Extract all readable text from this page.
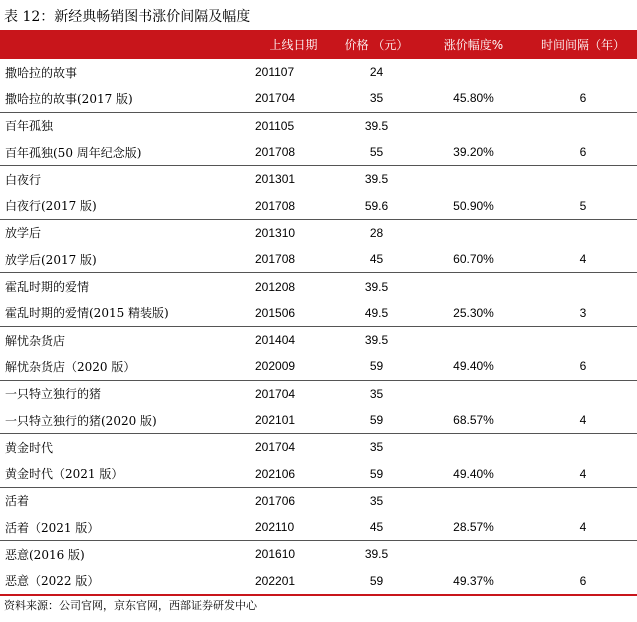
表 12：新经典畅销图书涨价间隔及幅度
	上线日期	价格 （元）	涨价幅度%	时间间隔（年）
撒哈拉的故事	201107	24		
撒哈拉的故事(2017 版)	201704	35	45.80%	6
百年孤独	201105	39.5		
百年孤独(50 周年纪念版)	201708	55	39.20%	6
白夜行	201301	39.5		
白夜行(2017 版)	201708	59.6	50.90%	5
放学后	201310	28		
放学后(2017 版)	201708	45	60.70%	4
霍乱时期的爱情	201208	39.5		
霍乱时期的爱情(2015 精装版)	201506	49.5	25.30%	3
解忧杂货店	201404	39.5		
解忧杂货店（2020 版）	202009	59	49.40%	6
一只特立独行的猪	201704	35		
一只特立独行的猪(2020 版)	202101	59	68.57%	4
黄金时代	201704	35		
黄金时代（2021 版）	202106	59	49.40%	4
活着	201706	35		
活着（2021 版）	202110	45	28.57%	4
恶意(2016 版)	201610	39.5		
恶意（2022 版）	202201	59	49.37%	6
资料来源：公司官网，京东官网，西部证券研发中心
